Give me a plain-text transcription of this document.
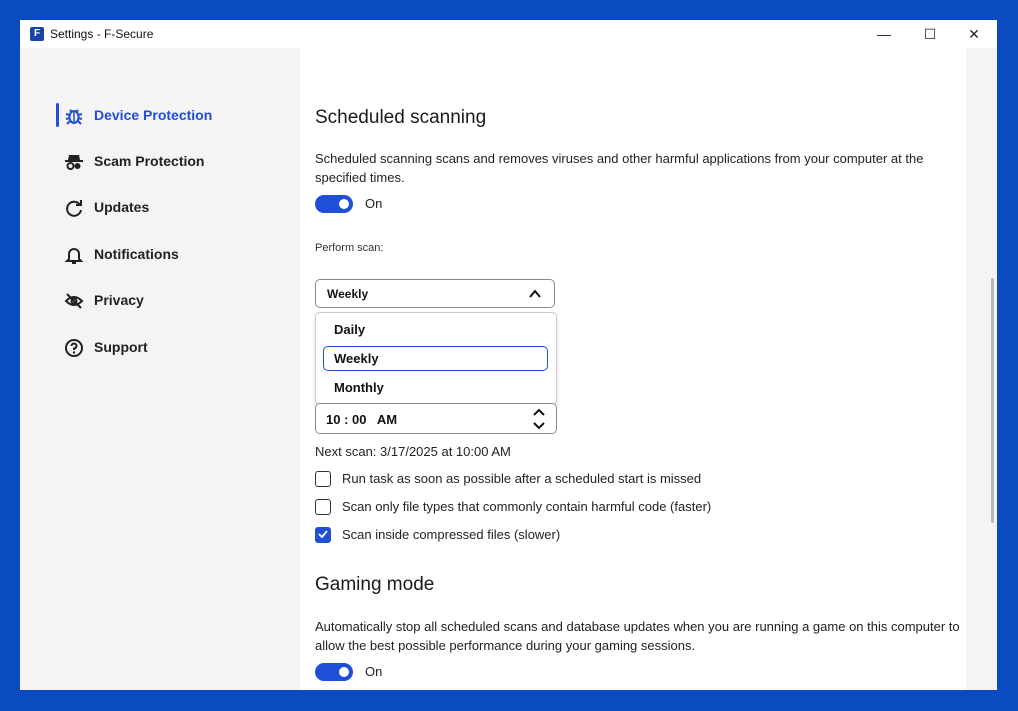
F Settings - F-Secure	—	☐	✕
Device Protection
Scam Protection
Updates
Notifications
Privacy
Support
Scheduled scanning
Scheduled scanning scans and removes viruses and other harmful applications from your computer at the specified times.
On
Perform scan:
Weekly
Daily
Weekly
Monthly
10 : 00   AM
Next scan: 3/17/2025 at 10:00 AM
Run task as soon as possible after a scheduled start is missed
Scan only file types that commonly contain harmful code (faster)
Scan inside compressed files (slower)
Gaming mode
Automatically stop all scheduled scans and database updates when you are running a game on this computer to allow the best possible performance during your gaming sessions.
On
